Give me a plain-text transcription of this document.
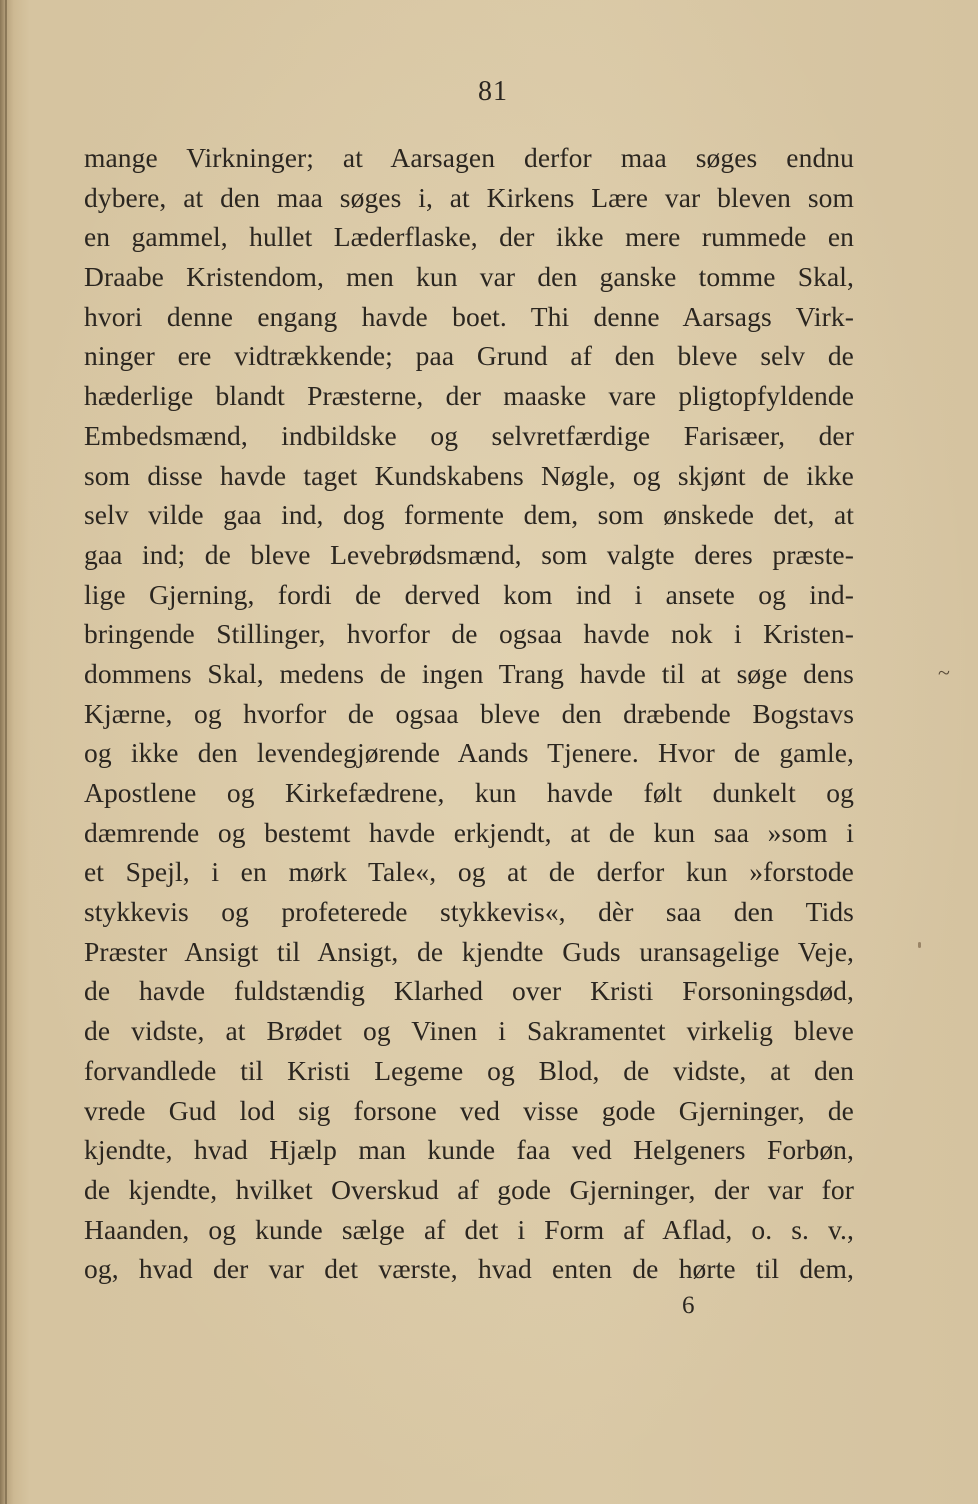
81
mange Virkninger; at Aarsagen derfor maa søges endnu
dybere, at den maa søges i, at Kirkens Lære var bleven som
en gammel, hullet Læderflaske, der ikke mere rummede en
Draabe Kristendom, men kun var den ganske tomme Skal,
hvori denne engang havde boet. Thi denne Aarsags Virk-
ninger ere vidtrækkende; paa Grund af den bleve selv de
hæderlige blandt Præsterne, der maaske vare pligtopfyldende
Embedsmænd, indbildske og selvretfærdige Farisæer, der
som disse havde taget Kundskabens Nøgle, og skjønt de ikke
selv vilde gaa ind, dog formente dem, som ønskede det, at
gaa ind; de bleve Levebrødsmænd, som valgte deres præste-
lige Gjerning, fordi de derved kom ind i ansete og ind-
bringende Stillinger, hvorfor de ogsaa havde nok i Kristen-
dommens Skal, medens de ingen Trang havde til at søge dens
Kjærne, og hvorfor de ogsaa bleve den dræbende Bogstavs
og ikke den levendegjørende Aands Tjenere. Hvor de gamle,
Apostlene og Kirkefædrene, kun havde følt dunkelt og
dæmrende og bestemt havde erkjendt, at de kun saa »som i
et Spejl, i en mørk Tale«, og at de derfor kun »forstode
stykkevis og profeterede stykkevis«, dèr saa den Tids
Præster Ansigt til Ansigt, de kjendte Guds uransagelige Veje,
de havde fuldstændig Klarhed over Kristi Forsoningsdød,
de vidste, at Brødet og Vinen i Sakramentet virkelig bleve
forvandlede til Kristi Legeme og Blod, de vidste, at den
vrede Gud lod sig forsone ved visse gode Gjerninger, de
kjendte, hvad Hjælp man kunde faa ved Helgeners Forbøn,
de kjendte, hvilket Overskud af gode Gjerninger, der var for
Haanden, og kunde sælge af det i Form af Aflad, o. s. v.,
og, hvad der var det værste, hvad enten de hørte til dem,
~
6
